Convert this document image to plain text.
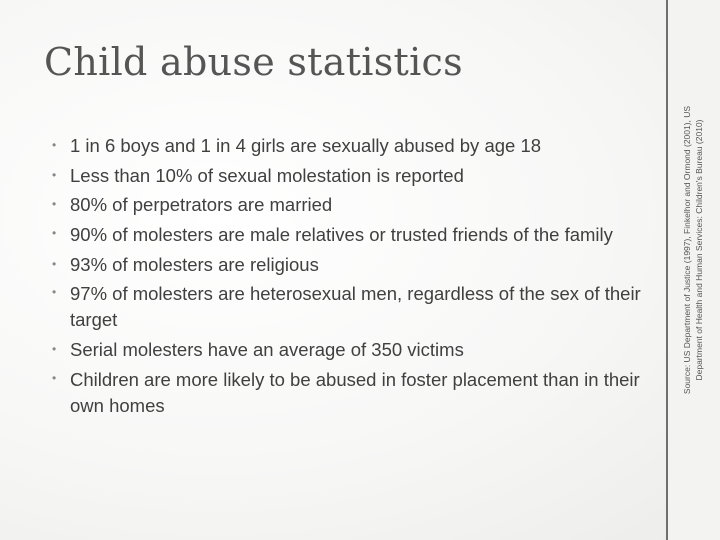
Child abuse statistics
• 1 in 6 boys and 1 in 4 girls are sexually abused by age 18
• Less than 10% of sexual molestation is reported
• 80% of perpetrators are married
• 90% of molesters are male relatives or trusted friends of the family
• 93% of molesters are religious
• 97% of molesters are heterosexual men, regardless of the sex of their target
• Serial molesters have an average of 350 victims
• Children are more likely to be abused in foster placement than in their own homes
Source: US Department of Justice (1997), Finkelhor and Ormond (2001), US Department of Health and Human Services: Children's Bureau (2010)
